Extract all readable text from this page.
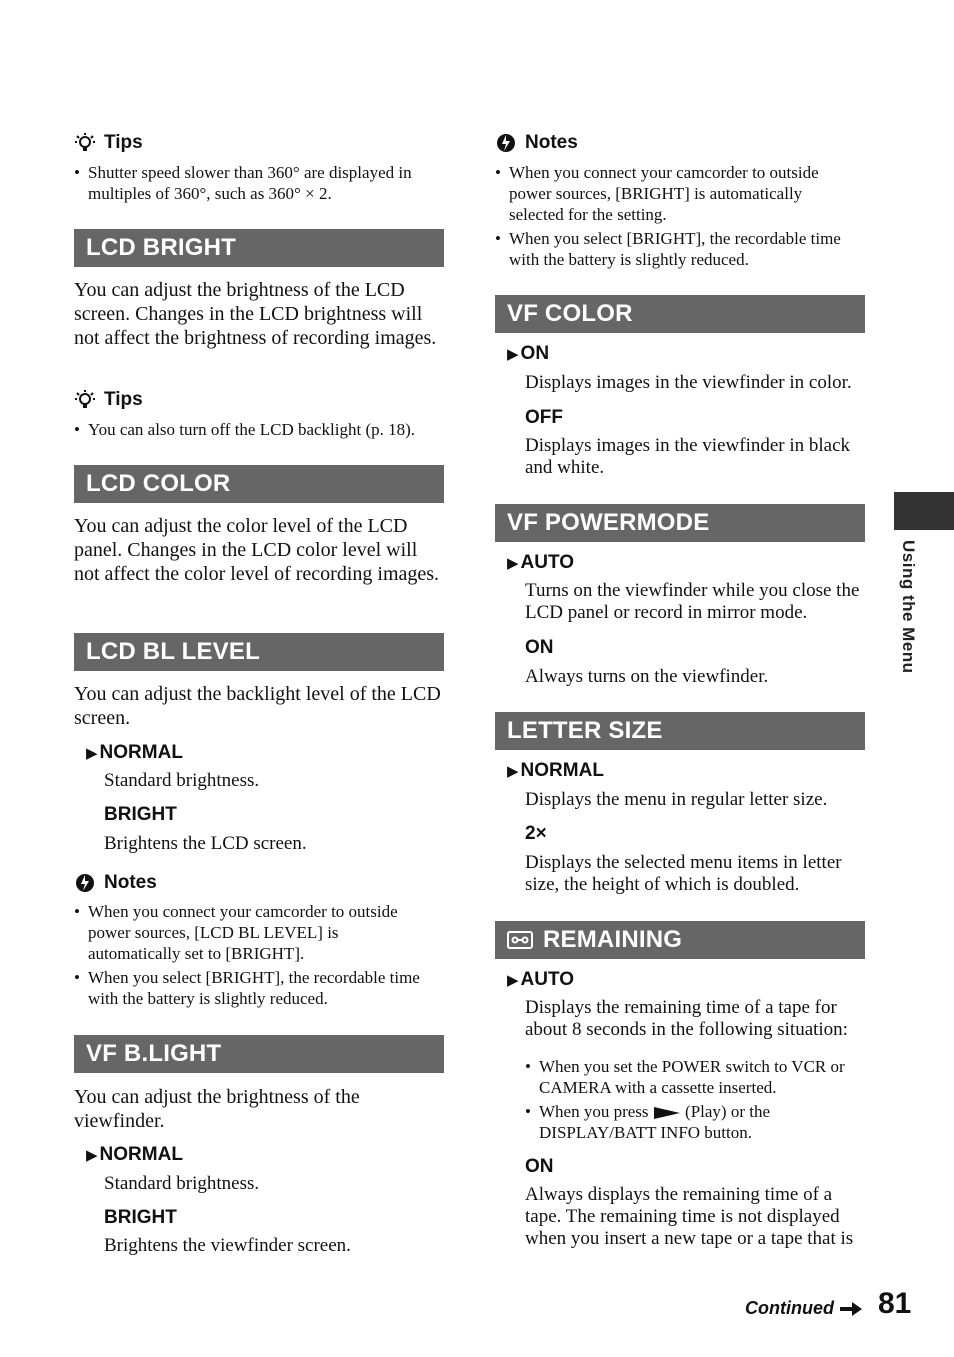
Tips
• Shutter speed slower than 360° are displayed in multiples of 360°, such as 360° × 2.
LCD BRIGHT
You can adjust the brightness of the LCD screen. Changes in the LCD brightness will not affect the brightness of recording images.
Tips
• You can also turn off the LCD backlight (p. 18).
LCD COLOR
You can adjust the color level of the LCD panel. Changes in the LCD color level will not affect the color level of recording images.
LCD BL LEVEL
You can adjust the backlight level of the LCD screen.
▶ NORMAL
Standard brightness.
BRIGHT
Brightens the LCD screen.
Notes
• When you connect your camcorder to outside power sources, [LCD BL LEVEL] is automatically set to [BRIGHT].
• When you select [BRIGHT], the recordable time with the battery is slightly reduced.
VF B.LIGHT
You can adjust the brightness of the viewfinder.
▶ NORMAL
Standard brightness.
BRIGHT
Brightens the viewfinder screen.
Notes
• When you connect your camcorder to outside power sources, [BRIGHT] is automatically selected for the setting.
• When you select [BRIGHT], the recordable time with the battery is slightly reduced.
VF COLOR
▶ ON
Displays images in the viewfinder in color.
OFF
Displays images in the viewfinder in black and white.
VF POWERMODE
▶ AUTO
Turns on the viewfinder while you close the LCD panel or record in mirror mode.
ON
Always turns on the viewfinder.
LETTER SIZE
▶ NORMAL
Displays the menu in regular letter size.
2×
Displays the selected menu items in letter size, the height of which is doubled.
REMAINING
▶ AUTO
Displays the remaining time of a tape for about 8 seconds in the following situation:
• When you set the POWER switch to VCR or CAMERA with a cassette inserted.
• When you press (Play) or the DISPLAY/BATT INFO button.
ON
Always displays the remaining time of a tape. The remaining time is not displayed when you insert a new tape or a tape that is
Using the Menu
Continued 81
